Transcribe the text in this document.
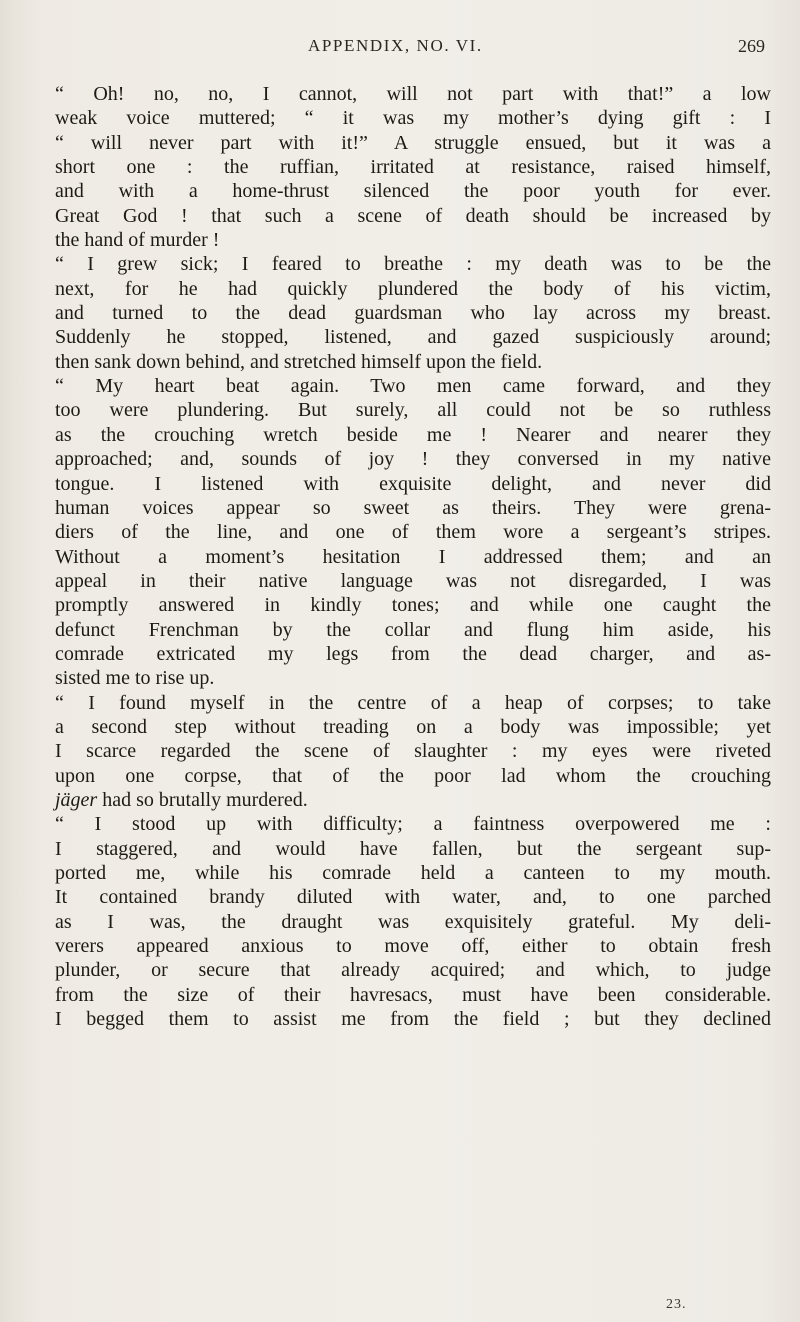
APPENDIX, NO. VI.	269
“ Oh! no, no, I cannot, will not part with that!” a low
weak voice muttered; “ it was my mother’s dying gift : I
“ will never part with it!” A struggle ensued, but it was a
short one : the ruffian, irritated at resistance, raised himself,
and with a home-thrust silenced the poor youth for ever.
Great God ! that such a scene of death should be increased by
the hand of murder !
“ I grew sick; I feared to breathe : my death was to be the
next, for he had quickly plundered the body of his victim,
and turned to the dead guardsman who lay across my breast.
Suddenly he stopped, listened, and gazed suspiciously around;
then sank down behind, and stretched himself upon the field.
“ My heart beat again. Two men came forward, and they
too were plundering. But surely, all could not be so ruthless
as the crouching wretch beside me ! Nearer and nearer they
approached; and, sounds of joy ! they conversed in my native
tongue. I listened with exquisite delight, and never did
human voices appear so sweet as theirs. They were grena-
diers of the line, and one of them wore a sergeant’s stripes.
Without a moment’s hesitation I addressed them; and an
appeal in their native language was not disregarded, I was
promptly answered in kindly tones; and while one caught the
defunct Frenchman by the collar and flung him aside, his
comrade extricated my legs from the dead charger, and as-
sisted me to rise up.
“ I found myself in the centre of a heap of corpses; to take
a second step without treading on a body was impossible; yet
I scarce regarded the scene of slaughter : my eyes were riveted
upon one corpse, that of the poor lad whom the crouching
jäger had so brutally murdered.
“ I stood up with difficulty; a faintness overpowered me :
I staggered, and would have fallen, but the sergeant sup-
ported me, while his comrade held a canteen to my mouth.
It contained brandy diluted with water, and, to one parched
as I was, the draught was exquisitely grateful. My deli-
verers appeared anxious to move off, either to obtain fresh
plunder, or secure that already acquired; and which, to judge
from the size of their havresacs, must have been considerable.
I begged them to assist me from the field ; but they declined
23.
